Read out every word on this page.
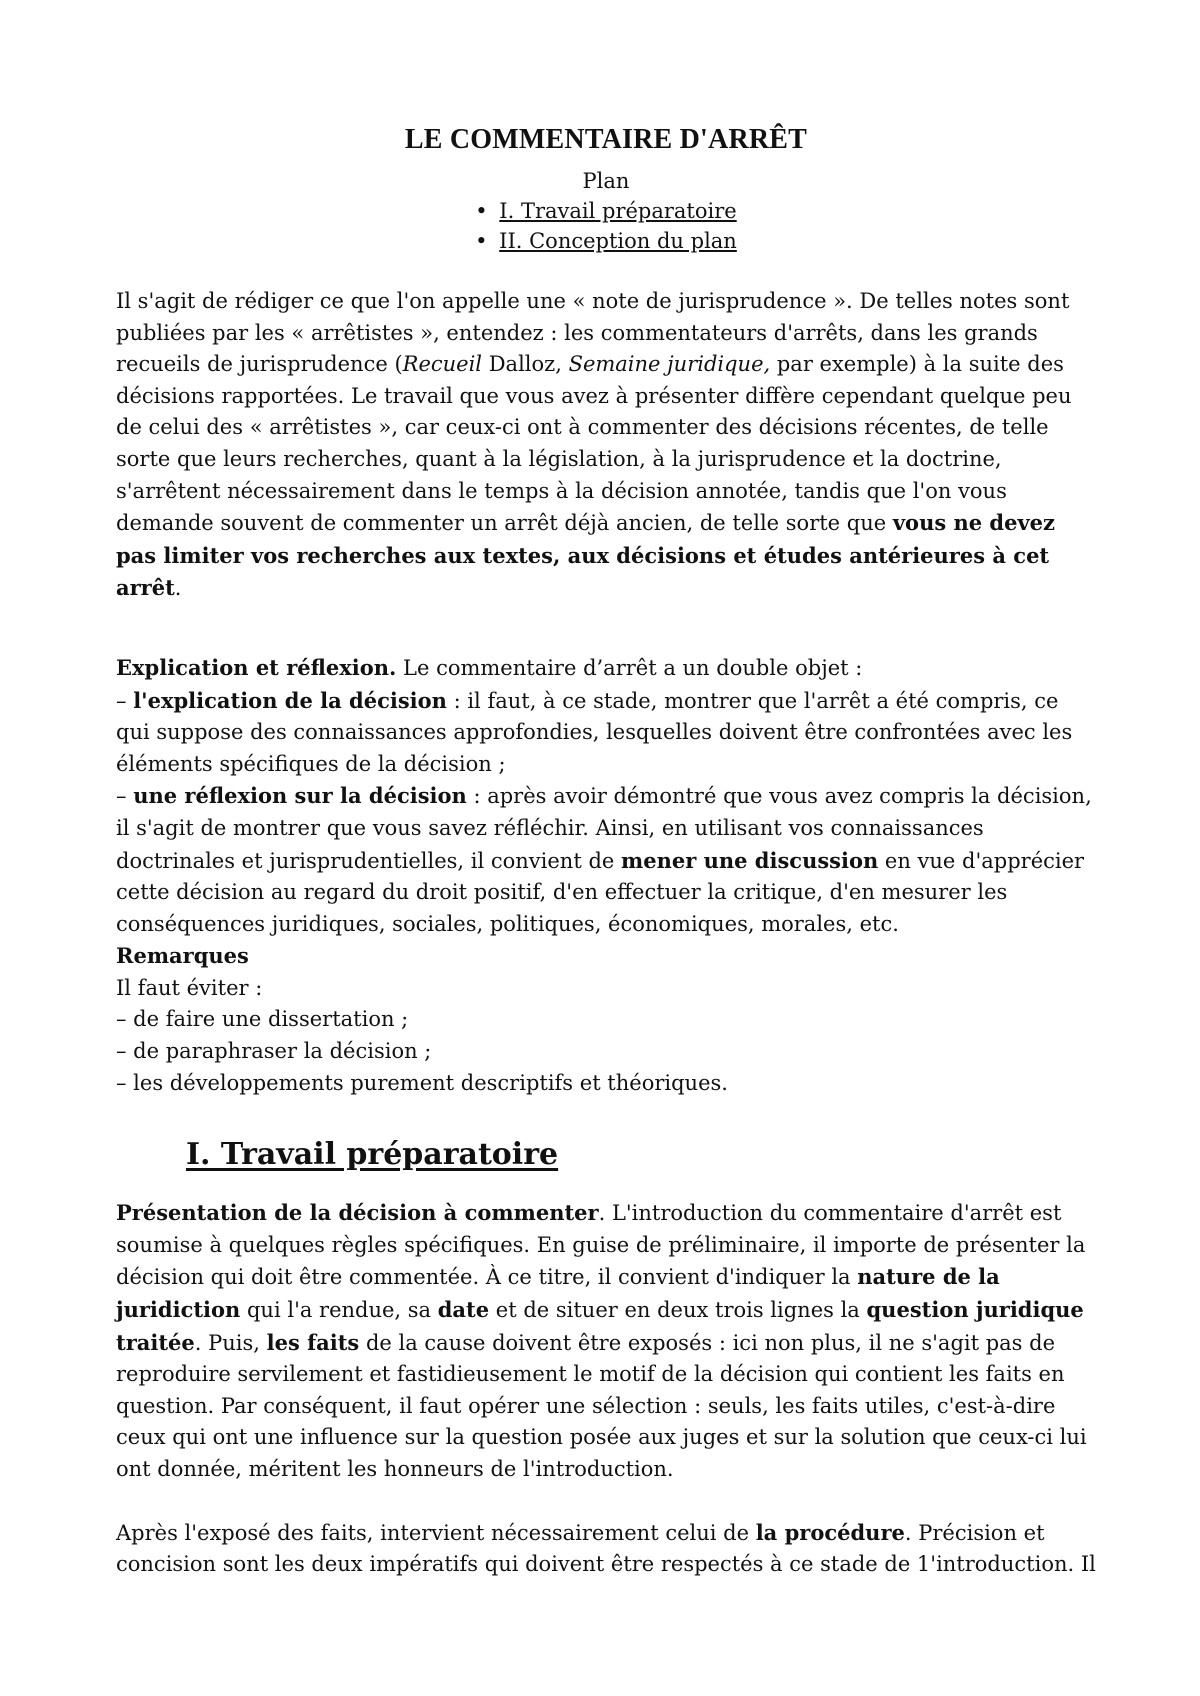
LE COMMENTAIRE D'ARRÊT
Plan
• I. Travail préparatoire
• II. Conception du plan

Il s'agit de rédiger ce que l'on appelle une « note de jurisprudence ». De telles notes sont publiées par les « arrêtistes », entendez : les commentateurs d'arrêts, dans les grands recueils de jurisprudence (Recueil Dalloz, Semaine juridique, par exemple) à la suite des décisions rapportées. Le travail que vous avez à présenter diffère cependant quelque peu de celui des « arrêtistes », car ceux-ci ont à commenter des décisions récentes, de telle sorte que leurs recherches, quant à la législation, à la jurisprudence et la doctrine, s'arrêtent nécessairement dans le temps à la décision annotée, tandis que l'on vous demande souvent de commenter un arrêt déjà ancien, de telle sorte que vous ne devez pas limiter vos recherches aux textes, aux décisions et études antérieures à cet arrêt.

Explication et réflexion. Le commentaire d’arrêt a un double objet :
– l'explication de la décision : il faut, à ce stade, montrer que l'arrêt a été compris, ce qui suppose des connaissances approfondies, lesquelles doivent être confrontées avec les éléments spécifiques de la décision ;
– une réflexion sur la décision : après avoir démontré que vous avez compris la décision, il s'agit de montrer que vous savez réfléchir. Ainsi, en utilisant vos connaissances doctrinales et jurisprudentielles, il convient de mener une discussion en vue d'apprécier cette décision au regard du droit positif, d'en effectuer la critique, d'en mesurer les conséquences juridiques, sociales, politiques, économiques, morales, etc.

Remarques
Il faut éviter :
– de faire une dissertation ;
– de paraphraser la décision ;
– les développements purement descriptifs et théoriques.

I. Travail préparatoire

Présentation de la décision à commenter. L'introduction du commentaire d'arrêt est soumise à quelques règles spécifiques. En guise de préliminaire, il importe de présenter la décision qui doit être commentée. À ce titre, il convient d'indiquer la nature de la juridiction qui l'a rendue, sa date et de situer en deux trois lignes la question juridique traitée. Puis, les faits de la cause doivent être exposés : ici non plus, il ne s'agit pas de reproduire servilement et fastidieusement le motif de la décision qui contient les faits en question. Par conséquent, il faut opérer une sélection : seuls, les faits utiles, c'est-à-dire ceux qui ont une influence sur la question posée aux juges et sur la solution que ceux-ci lui ont donnée, méritent les honneurs de l'introduction.

Après l'exposé des faits, intervient nécessairement celui de la procédure. Précision et concision sont les deux impératifs qui doivent être respectés à ce stade de 1'introduction. Il
